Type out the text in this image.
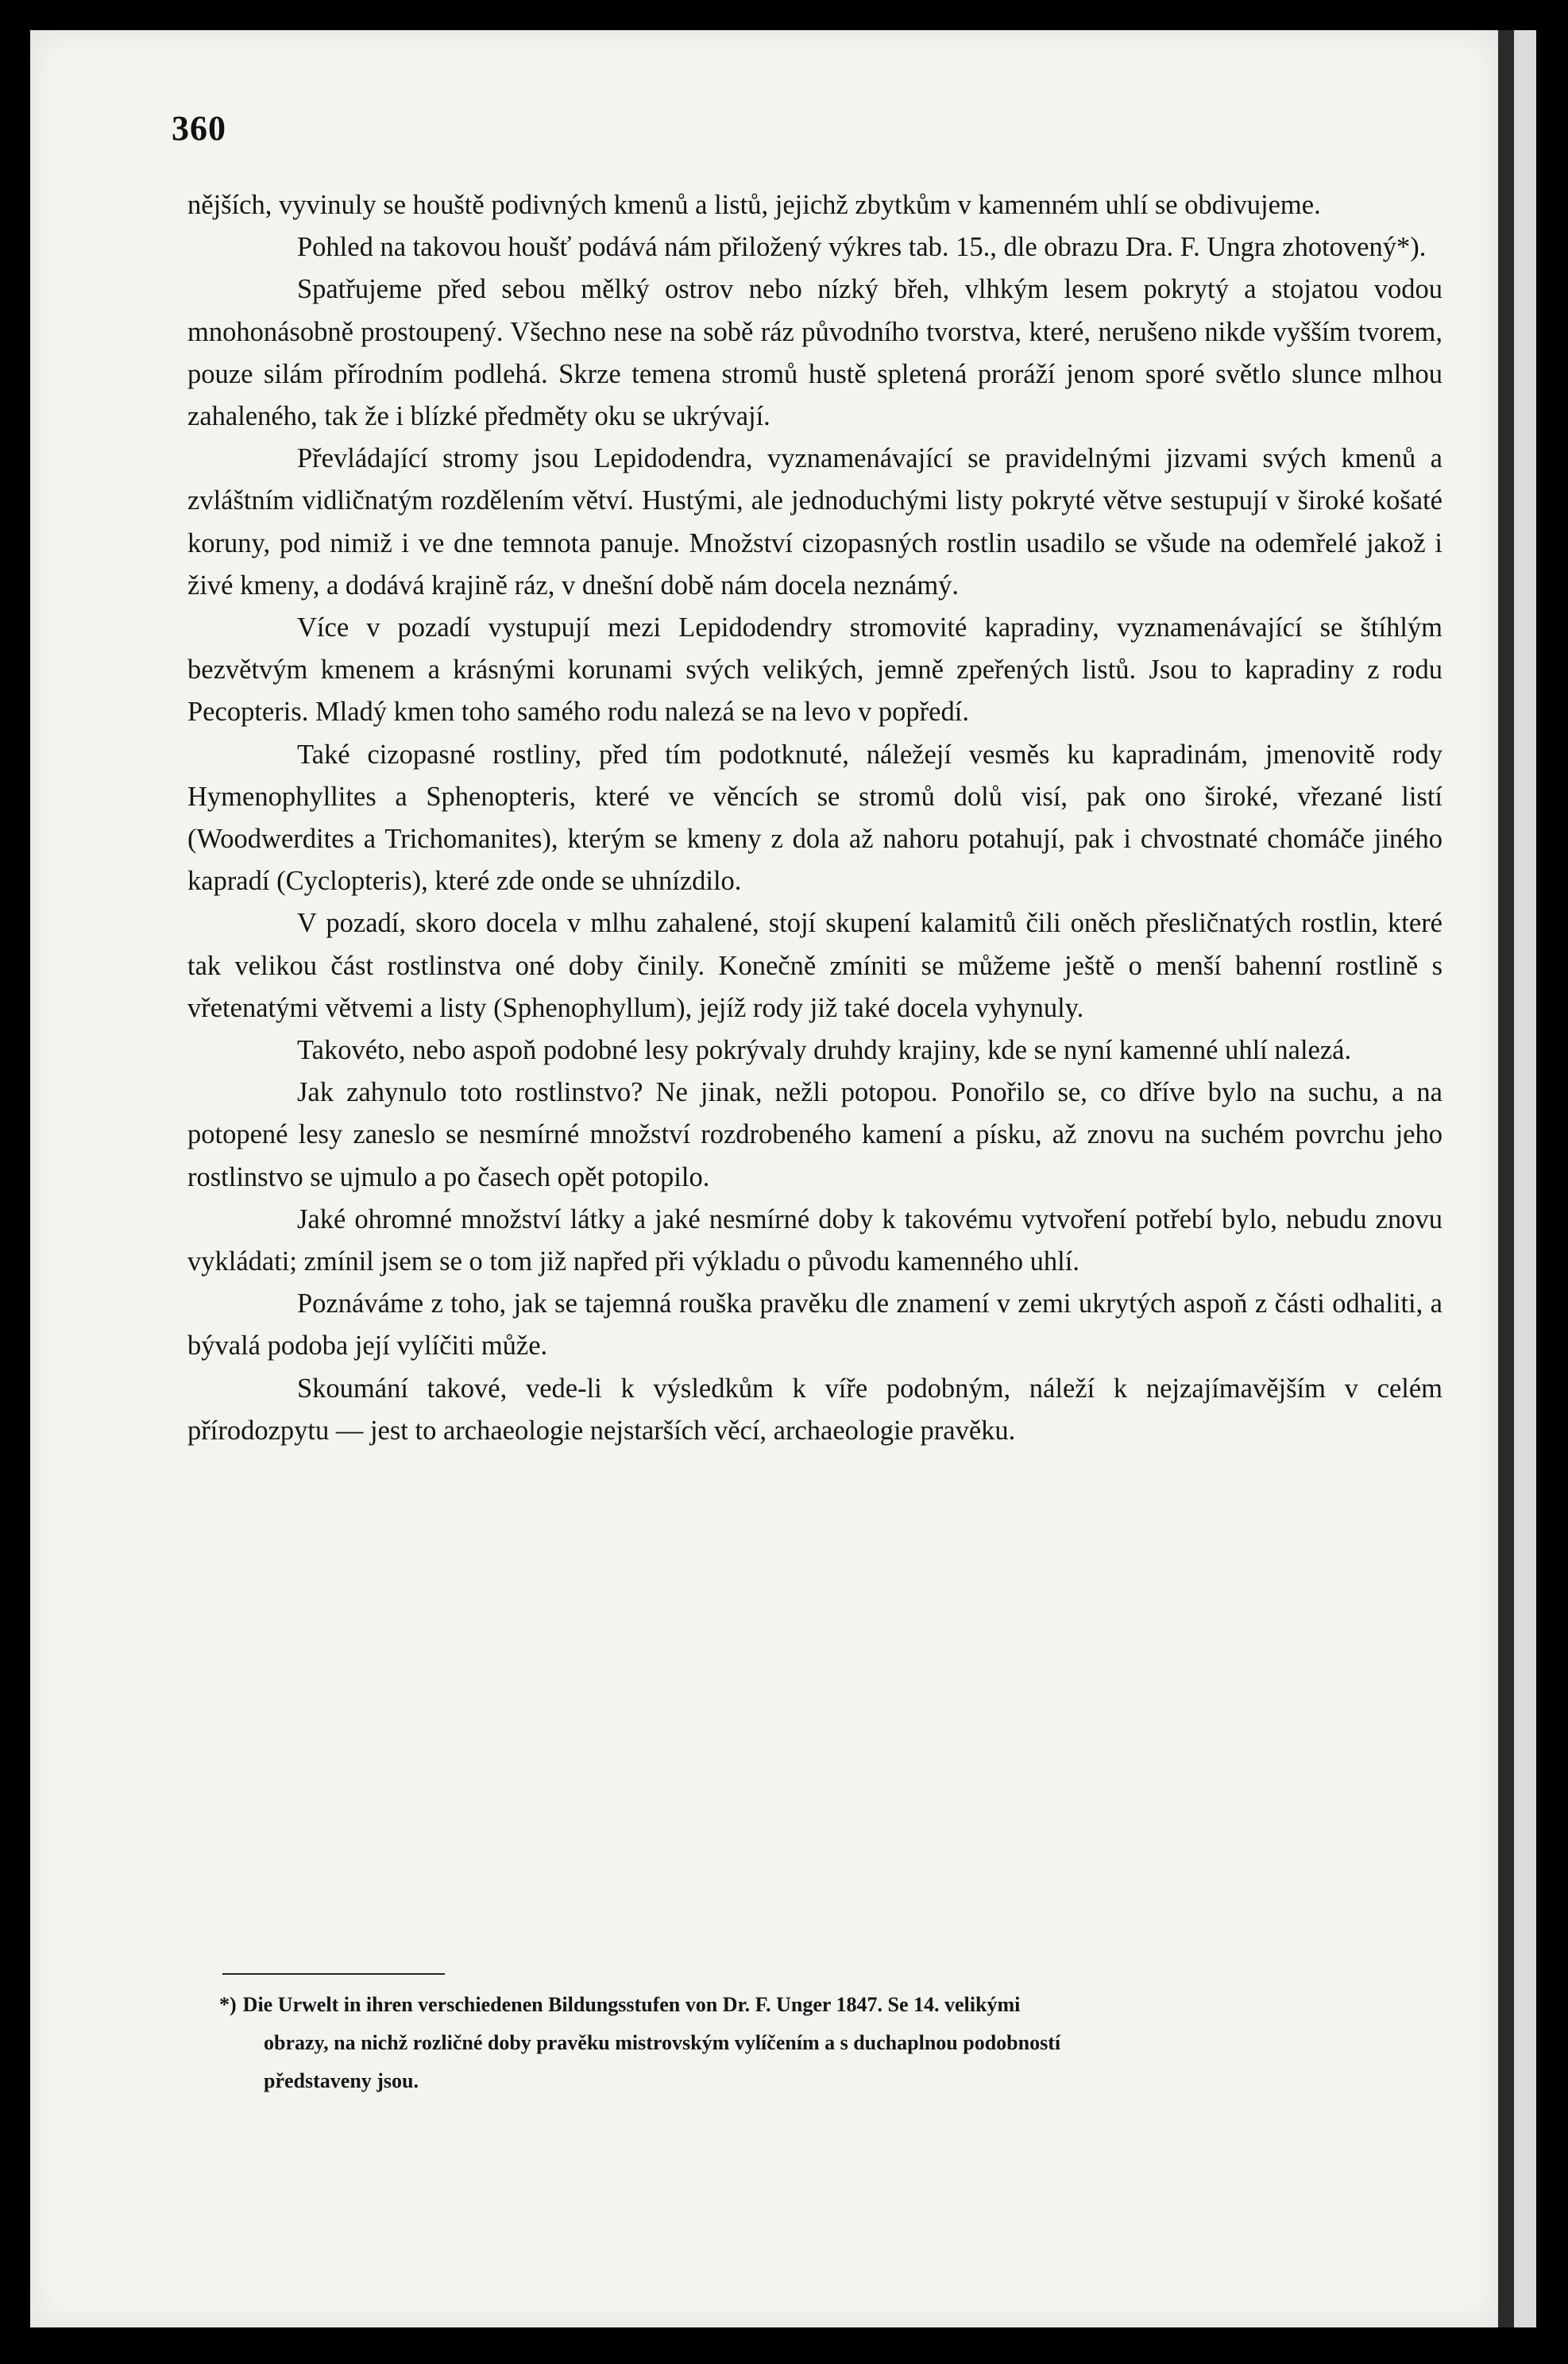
360

nějších, vyvinuly se houště podivných kmenů a listů, jejichž zbytkům v kamenném uhlí se obdivujeme.

Pohled na takovou houšť podává nám přiložený výkres tab. 15., dle obrazu Dra. F. Ungra zhotovený*).

Spatřujeme před sebou mělký ostrov nebo nízký břeh, vlhkým lesem pokrytý a stojatou vodou mnohonásobně prostoupený. Všechno nese na sobě ráz původního tvorstva, které, nerušeno nikde vyšším tvorem, pouze silám přírodním podlehá. Skrze temena stromů hustě spletená proráží jenom sporé světlo slunce mlhou zahaleného, tak že i blízké předměty oku se ukrývají.

Převládající stromy jsou Lepidodendra, vyznamenávající se pravidelnými jizvami svých kmenů a zvláštním vidličnatým rozdělením větví. Hustými, ale jednoduchými listy pokryté větve sestupují v široké košaté koruny, pod nimiž i ve dne temnota panuje. Množství cizopasných rostlin usadilo se všude na odemřelé jakož i živé kmeny, a dodává krajině ráz, v dnešní době nám docela neznámý.

Více v pozadí vystupují mezi Lepidodendry stromovité kapradiny, vyznamenávající se štíhlým bezvětvým kmenem a krásnými korunami svých velikých, jemně zpeřených listů. Jsou to kapradiny z rodu Pecopteris. Mladý kmen toho samého rodu nalezá se na levo v popředí.

Také cizopasné rostliny, před tím podotknuté, náležejí vesměs ku kapradinám, jmenovitě rody Hymenophyllites a Sphenopteris, které ve věncích se stromů dolů visí, pak ono široké, vřezané listí (Woodwerdites a Trichomanites), kterým se kmeny z dola až nahoru potahují, pak i chvostnaté chomáče jiného kapradí (Cyclopteris), které zde onde se uhnízdilo.

V pozadí, skoro docela v mlhu zahalené, stojí skupení kalamitů čili oněch přesličnatých rostlin, které tak velikou část rostlinstva oné doby činily. Konečně zmíniti se můžeme ještě o menší bahenní rostlině s vřetenatými větvemi a listy (Sphenophyllum), jejíž rody již také docela vyhynuly.

Takovéto, nebo aspoň podobné lesy pokrývaly druhdy krajiny, kde se nyní kamenné uhlí nalezá.

Jak zahynulo toto rostlinstvo? Ne jinak, nežli potopou. Ponořilo se, co dříve bylo na suchu, a na potopené lesy zaneslo se nesmírné množství rozdrobeného kamení a písku, až znovu na suchém povrchu jeho rostlinstvo se ujmulo a po časech opět potopilo.

Jaké ohromné množství látky a jaké nesmírné doby k takovému vytvoření potřebí bylo, nebudu znovu vykládati; zmínil jsem se o tom již napřed při výkladu o původu kamenného uhlí.

Poznáváme z toho, jak se tajemná rouška pravěku dle znamení v zemi ukrytých aspoň z části odhaliti, a bývalá podoba její vylíčiti může.

Skoumání takové, vede-li k výsledkům k víře podobným, náleží k nejzajímavějším v celém přírodozpytu — jest to archaeologie nejstarších věcí, archaeologie pravěku.

*) Die Urwelt in ihren verschiedenen Bildungsstufen von Dr. F. Unger 1847. Se 14. velikými
obrazy, na nichž rozličné doby pravěku mistrovským vylíčením a s duchaplnou podobností
představeny jsou.
